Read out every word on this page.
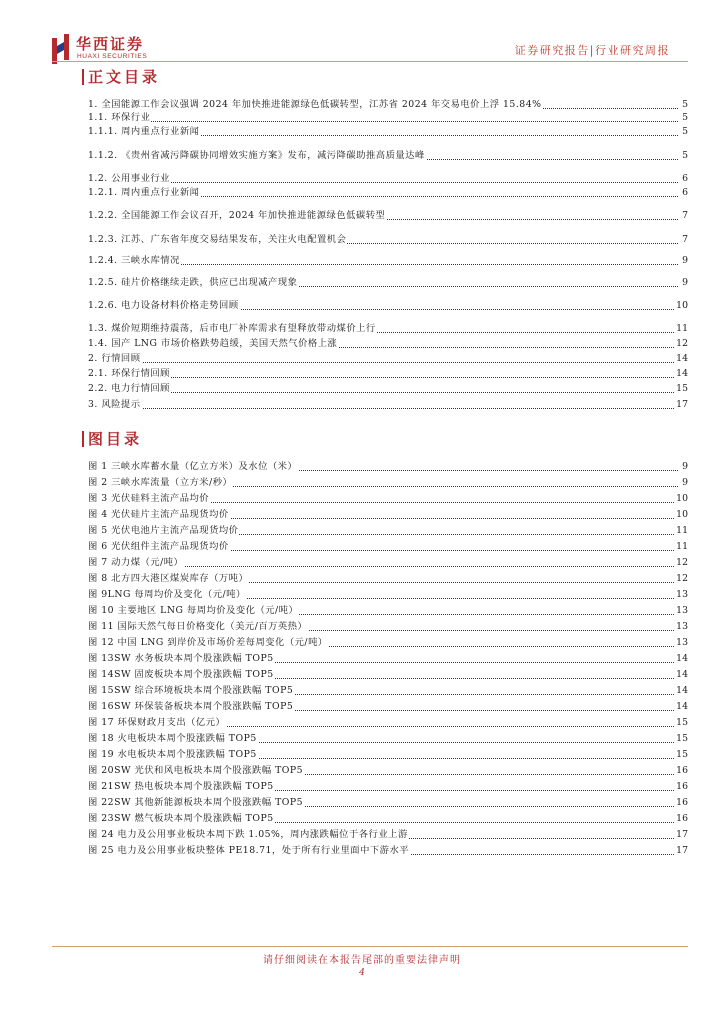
华西证券
HUAXI SECURITIES	证券研究报告|行业研究周报
正文目录
1. 全国能源工作会议强调 2024 年加快推进能源绿色低碳转型，江苏省 2024 年交易电价上浮 15.84%	5
1.1. 环保行业	5
1.1.1. 周内重点行业新闻	5
1.1.2. 《贵州省减污降碳协同增效实施方案》发布，减污降碳助推高质量达峰	5
1.2. 公用事业行业	6
1.2.1. 周内重点行业新闻	6
1.2.2. 全国能源工作会议召开，2024 年加快推进能源绿色低碳转型	7
1.2.3. 江苏、广东省年度交易结果发布，关注火电配置机会	7
1.2.4. 三峡水库情况	9
1.2.5. 硅片价格继续走跌，供应已出现减产现象	9
1.2.6. 电力设备材料价格走势回顾	10
1.3. 煤价短期维持震荡，后市电厂补库需求有望释放带动煤价上行	11
1.4. 国产 LNG 市场价格跌势趋缓，美国天然气价格上涨	12
2. 行情回顾	14
2.1. 环保行情回顾	14
2.2. 电力行情回顾	15
3. 风险提示	17
图目录
图 1 三峡水库蓄水量（亿立方米）及水位（米）	9
图 2 三峡水库流量（立方米/秒）	9
图 3 光伏硅料主流产品均价	10
图 4 光伏硅片主流产品现货均价	10
图 5 光伏电池片主流产品现货均价	11
图 6 光伏组件主流产品现货均价	11
图 7 动力煤（元/吨）	12
图 8 北方四大港区煤炭库存（万吨）	12
图 9LNG 每周均价及变化（元/吨）	13
图 10 主要地区 LNG 每周均价及变化（元/吨）	13
图 11 国际天然气每日价格变化（美元/百万英热）	13
图 12 中国 LNG 到岸价及市场价差每周变化（元/吨）	13
图 13SW 水务板块本周个股涨跌幅 TOP5	14
图 14SW 固废板块本周个股涨跌幅 TOP5	14
图 15SW 综合环境板块本周个股涨跌幅 TOP5	14
图 16SW 环保装备板块本周个股涨跌幅 TOP5	14
图 17 环保财政月支出（亿元）	15
图 18 火电板块本周个股涨跌幅 TOP5	15
图 19 水电板块本周个股涨跌幅 TOP5	15
图 20SW 光伏和风电板块本周个股涨跌幅 TOP5	16
图 21SW 热电板块本周个股涨跌幅 TOP5	16
图 22SW 其他新能源板块本周个股涨跌幅 TOP5	16
图 23SW 燃气板块本周个股涨跌幅 TOP5	16
图 24 电力及公用事业板块本周下跌 1.05%，周内涨跌幅位于各行业上游	17
图 25 电力及公用事业板块整体 PE18.71，处于所有行业里面中下游水平	17
请仔细阅读在本报告尾部的重要法律声明
4
